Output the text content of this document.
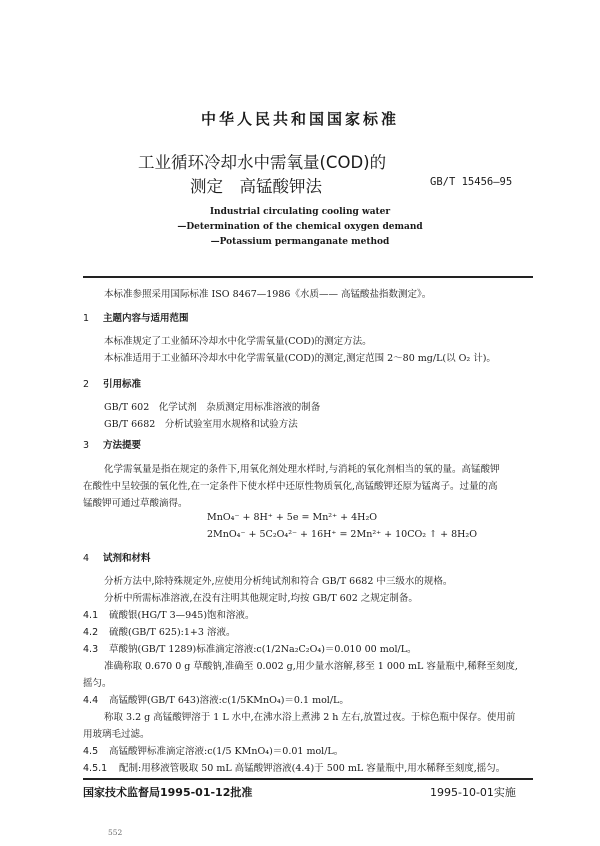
中华人民共和国国家标准
工业循环冷却水中需氧量(COD)的
测定　高锰酸钾法	GB/T 15456—95
Industrial circulating cooling water
—Determination of the chemical oxygen demand
—Potassium permanganate method
本标准参照采用国际标准 ISO 8467—1986《水质—— 高锰酸盐指数测定》。
1 主题内容与适用范围
本标准规定了工业循环冷却水中化学需氧量(COD)的测定方法。
本标准适用于工业循环冷却水中化学需氧量(COD)的测定,测定范围 2～80 mg/L(以 O₂ 计)。
2 引用标准
GB/T 602　化学试剂　杂质测定用标准溶液的制备
GB/T 6682　分析试验室用水规格和试验方法
3 方法提要
化学需氧量是指在规定的条件下,用氧化剂处理水样时,与消耗的氧化剂相当的氧的量。高锰酸钾
在酸性中呈较强的氧化性,在一定条件下使水样中还原性物质氧化,高锰酸钾还原为锰离子。过量的高
锰酸钾可通过草酸滴得。
MnO₄⁻ + 8H⁺ + 5e = Mn²⁺ + 4H₂O
2MnO₄⁻ + 5C₂O₄²⁻ + 16H⁺ = 2Mn²⁺ + 10CO₂ ↑ + 8H₂O
4 试剂和材料
分析方法中,除特殊规定外,应使用分析纯试剂和符合 GB/T 6682 中三级水的规格。
分析中所需标准溶液,在没有注明其他规定时,均按 GB/T 602 之规定制备。
4.1 硫酸银(HG/T 3—945)饱和溶液。
4.2 硫酸(GB/T 625):1+3 溶液。
4.3 草酸钠(GB/T 1289)标准滴定溶液:c(1/2Na₂C₂O₄)＝0.010 00 mol/L。
准确称取 0.670 0 g 草酸钠,准确至 0.002 g,用少量水溶解,移至 1 000 mL 容量瓶中,稀释至刻度,
摇匀。
4.4 高锰酸钾(GB/T 643)溶液:c(1/5KMnO₄)＝0.1 mol/L。
称取 3.2 g 高锰酸钾溶于 1 L 水中,在沸水浴上煮沸 2 h 左右,放置过夜。于棕色瓶中保存。使用前
用玻璃毛过滤。
4.5 高锰酸钾标准滴定溶液:c(1/5 KMnO₄)＝0.01 mol/L。
4.5.1 配制:用移液管吸取 50 mL 高锰酸钾溶液(4.4)于 500 mL 容量瓶中,用水稀释至刻度,摇匀。
国家技术监督局1995-01-12批准	1995-10-01实施
552
